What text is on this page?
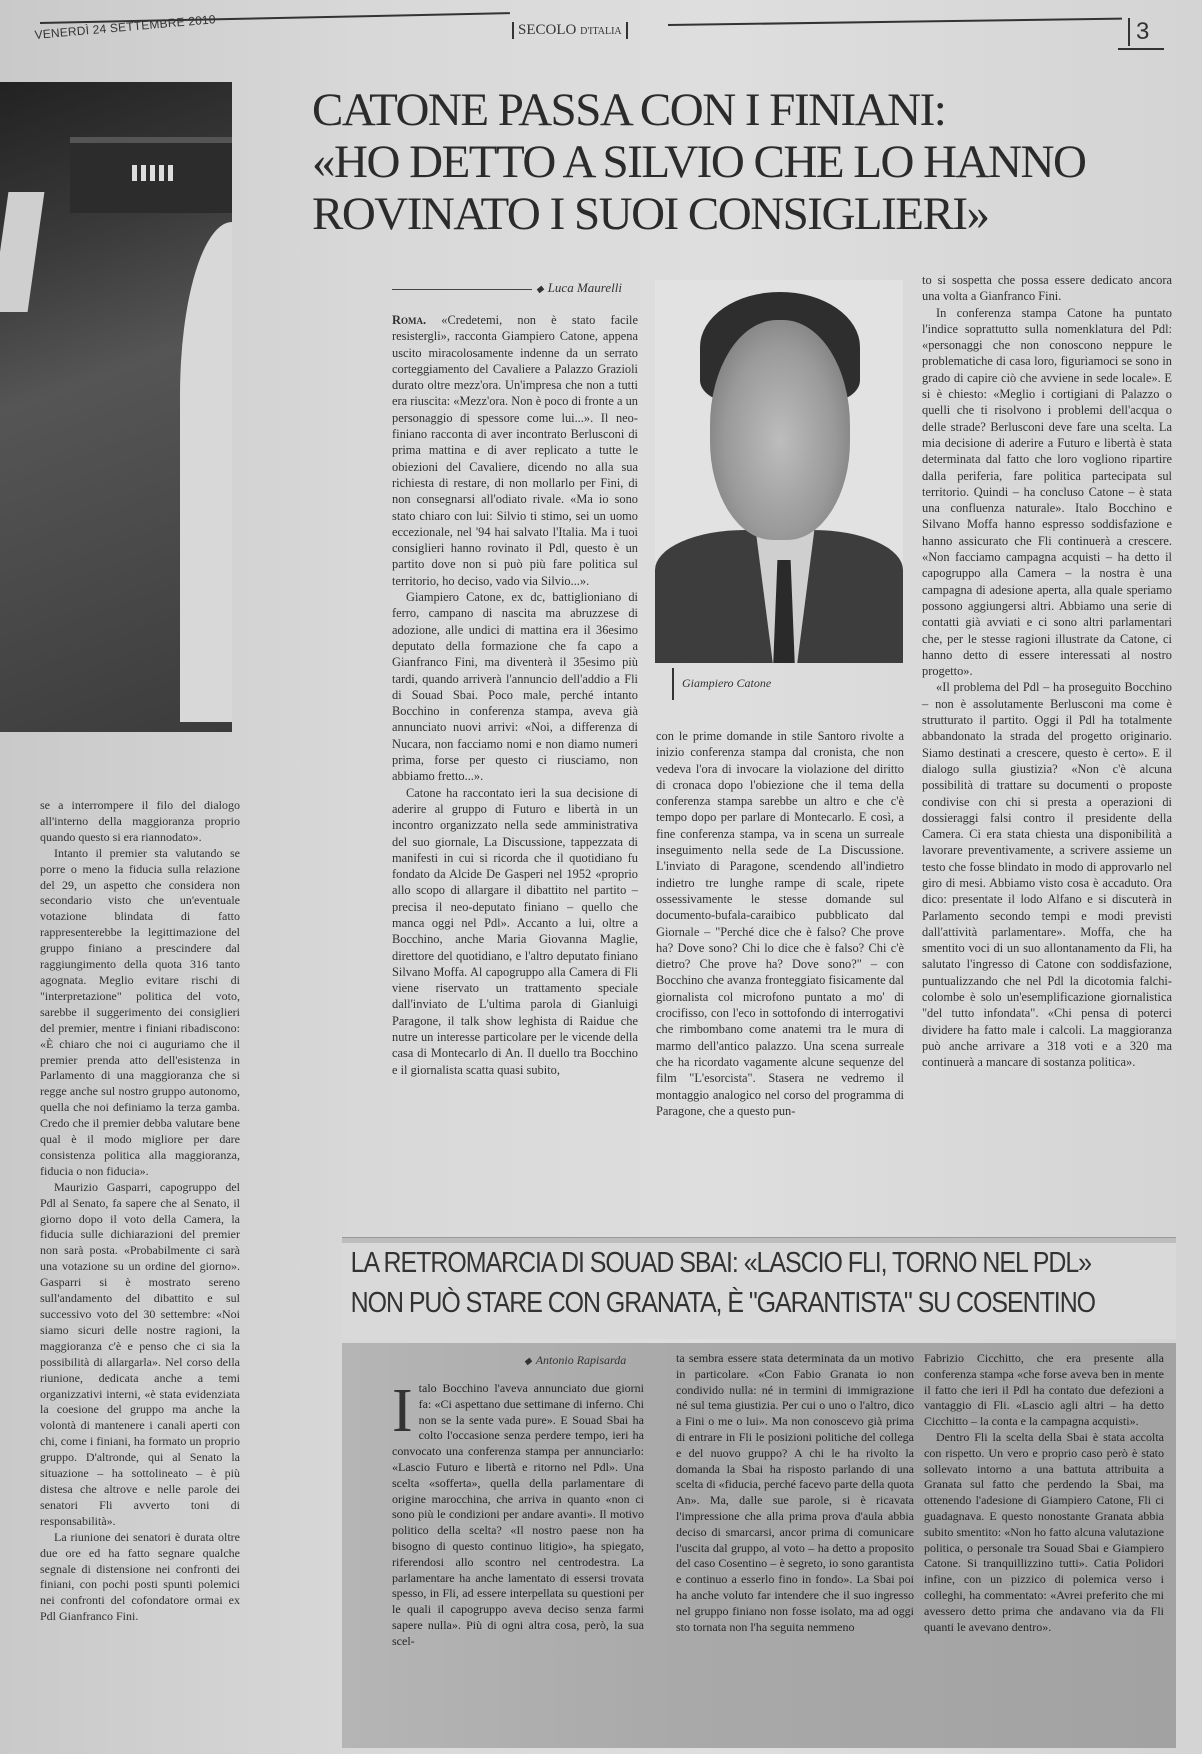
VENERDÌ 24 SETTEMBRE 2010	SECOLO D'ITALIA	3
CATONE PASSA CON I FINIANI:
«HO DETTO A SILVIO CHE LO HANNO
ROVINATO I SUOI CONSIGLIERI»
◆ Luca Maurelli

Roma. «Credetemi, non è stato facile resistergli», racconta Giampiero Catone, appena uscito miracolosamente indenne da un serrato corteggiamento del Cavaliere a Palazzo Grazioli durato oltre mezz'ora. Un'impresa che non a tutti era riuscita: «Mezz'ora. Non è poco di fronte a un personaggio di spessore come lui...». Il neo-finiano racconta di aver incontrato Berlusconi di prima mattina e di aver replicato a tutte le obiezioni del Cavaliere, dicendo no alla sua richiesta di restare, di non mollarlo per Fini, di non consegnarsi all'odiato rivale. «Ma io sono stato chiaro con lui: Silvio ti stimo, sei un uomo eccezionale, nel '94 hai salvato l'Italia. Ma i tuoi consiglieri hanno rovinato il Pdl, questo è un partito dove non si può più fare politica sul territorio, ho deciso, vado via Silvio...».

Giampiero Catone, ex dc, battiglioniano di ferro, campano di nascita ma abruzzese di adozione, alle undici di mattina era il 36esimo deputato della formazione che fa capo a Gianfranco Fini, ma diventerà il 35esimo più tardi, quando arriverà l'annuncio dell'addio a Fli di Souad Sbai. Poco male, perché intanto Bocchino in conferenza stampa, aveva già annunciato nuovi arrivi: «Noi, a differenza di Nucara, non facciamo nomi e non diamo numeri prima, forse per questo ci riusciamo, non abbiamo fretto...».

Catone ha raccontato ieri la sua decisione di aderire al gruppo di Futuro e libertà in un incontro organizzato nella sede amministrativa del suo giornale, La Discussione, tappezzata di manifesti in cui si ricorda che il quotidiano fu fondato da Alcide De Gasperi nel 1952 «proprio allo scopo di allargare il dibattito nel partito – precisa il neo-deputato finiano – quello che manca oggi nel Pdl». Accanto a lui, oltre a Bocchino, anche Maria Giovanna Maglie, direttore del quotidiano, e l'altro deputato finiano Silvano Moffa. Al capogruppo alla Camera di Fli viene riservato un trattamento speciale dall'inviato de L'ultima parola di Gianluigi Paragone, il talk show leghista di Raidue che nutre un interesse particolare per le vicende della casa di Montecarlo di An. Il duello tra Bocchino e il giornalista scatta quasi subito,

Giampiero Catone

con le prime domande in stile Santoro rivolte a inizio conferenza stampa dal cronista, che non vedeva l'ora di invocare la violazione del diritto di cronaca dopo l'obiezione che il tema della conferenza stampa sarebbe un altro e che c'è tempo dopo per parlare di Montecarlo. E così, a fine conferenza stampa, va in scena un surreale inseguimento nella sede de La Discussione. L'inviato di Paragone, scendendo all'indietro indietro tre lunghe rampe di scale, ripete ossessivamente le stesse domande sul documento-bufala-caraibico pubblicato dal Giornale – "Perché dice che è falso? Che prove ha? Dove sono? Chi lo dice che è falso? Chi c'è dietro? Che prove ha? Dove sono?" – con Bocchino che avanza fronteggiato fisicamente dal giornalista col microfono puntato a mo' di crocifisso, con l'eco in sottofondo di interrogativi che rimbombano come anatemi tra le mura di marmo dell'antico palazzo. Una scena surreale che ha ricordato vagamente alcune sequenze del film "L'esorcista". Stasera ne vedremo il montaggio analogico nel corso del programma di Paragone, che a questo pun-

to si sospetta che possa essere dedicato ancora una volta a Gianfranco Fini.

In conferenza stampa Catone ha puntato l'indice soprattutto sulla nomenklatura del Pdl: «personaggi che non conoscono neppure le problematiche di casa loro, figuriamoci se sono in grado di capire ciò che avviene in sede locale». E si è chiesto: «Meglio i cortigiani di Palazzo o quelli che ti risolvono i problemi dell'acqua o delle strade? Berlusconi deve fare una scelta. La mia decisione di aderire a Futuro e libertà è stata determinata dal fatto che loro vogliono ripartire dalla periferia, fare politica partecipata sul territorio. Quindi – ha concluso Catone – è stata una confluenza naturale». Italo Bocchino e Silvano Moffa hanno espresso soddisfazione e hanno assicurato che Fli continuerà a crescere. «Non facciamo campagna acquisti – ha detto il capogruppo alla Camera – la nostra è una campagna di adesione aperta, alla quale speriamo possono aggiungersi altri. Abbiamo una serie di contatti già avviati e ci sono altri parlamentari che, per le stesse ragioni illustrate da Catone, ci hanno detto di essere interessati al nostro progetto».

«Il problema del Pdl – ha proseguito Bocchino – non è assolutamente Berlusconi ma come è strutturato il partito. Oggi il Pdl ha totalmente abbandonato la strada del progetto originario. Siamo destinati a crescere, questo è certo». E il dialogo sulla giustizia? «Non c'è alcuna possibilità di trattare su documenti o proposte condivise con chi si presta a operazioni di dossieraggi falsi contro il presidente della Camera. Ci era stata chiesta una disponibilità a lavorare preventivamente, a scrivere assieme un testo che fosse blindato in modo di approvarlo nel giro di mesi. Abbiamo visto cosa è accaduto. Ora dico: presentate il lodo Alfano e si discuterà in Parlamento secondo tempi e modi previsti dall'attività parlamentare». Moffa, che ha smentito voci di un suo allontanamento da Fli, ha salutato l'ingresso di Catone con soddisfazione, puntualizzando che nel Pdl la dicotomia falchi-colombe è solo un'esemplificazione giornalistica "del tutto infondata". «Chi pensa di poterci dividere ha fatto male i calcoli. La maggioranza può anche arrivare a 318 voti e a 320 ma continuerà a mancare di sostanza politica».

se a interrompere il filo del dialogo all'interno della maggioranza proprio quando questo si era riannodato».

Intanto il premier sta valutando se porre o meno la fiducia sulla relazione del 29, un aspetto che considera non secondario visto che un'eventuale votazione blindata di fatto rappresenterebbe la legittimazione del gruppo finiano a prescindere dal raggiungimento della quota 316 tanto agognata. Meglio evitare rischi di "interpretazione" politica del voto, sarebbe il suggerimento dei consiglieri del premier, mentre i finiani ribadiscono: «È chiaro che noi ci auguriamo che il premier prenda atto dell'esistenza in Parlamento di una maggioranza che si regge anche sul nostro gruppo autonomo, quella che noi definiamo la terza gamba. Credo che il premier debba valutare bene qual è il modo migliore per dare consistenza politica alla maggioranza, fiducia o non fiducia».

Maurizio Gasparri, capogruppo del Pdl al Senato, fa sapere che al Senato, il giorno dopo il voto della Camera, la fiducia sulle dichiarazioni del premier non sarà posta. «Probabilmente ci sarà una votazione su un ordine del giorno». Gasparri si è mostrato sereno sull'andamento del dibattito e sul successivo voto del 30 settembre: «Noi siamo sicuri delle nostre ragioni, la maggioranza c'è e penso che ci sia la possibilità di allargarla». Nel corso della riunione, dedicata anche a temi organizzativi interni, «è stata evidenziata la coesione del gruppo ma anche la volontà di mantenere i canali aperti con chi, come i finiani, ha formato un proprio gruppo. D'altronde, qui al Senato la situazione – ha sottolineato – è più distesa che altrove e nelle parole dei senatori Fli avverto toni di responsabilità».

La riunione dei senatori è durata oltre due ore ed ha fatto segnare qualche segnale di distensione nei confronti dei finiani, con pochi posti spunti polemici nei confronti del cofondatore ormai ex Pdl Gianfranco Fini.

LA RETROMARCIA DI SOUAD SBAI: «LASCIO FLI, TORNO NEL PDL»
NON PUÒ STARE CON GRANATA, È "GARANTISTA" SU COSENTINO
◆ Antonio Rapisarda

Italo Bocchino l'aveva annunciato due giorni fa: «Ci aspettano due settimane di inferno. Chi non se la sente vada pure». E Souad Sbai ha colto l'occasione senza perdere tempo, ieri ha convocato una conferenza stampa per annunciarlo: «Lascio Futuro e libertà e ritorno nel Pdl». Una scelta «sofferta», quella della parlamentare di origine marocchina, che arriva in quanto «non ci sono più le condizioni per andare avanti». Il motivo politico della scelta? «Il nostro paese non ha bisogno di questo continuo litigio», ha spiegato, riferendosi allo scontro nel centrodestra. La parlamentare ha anche lamentato di essersi trovata spesso, in Fli, ad essere interpellata su questioni per le quali il capogruppo aveva deciso senza farmi sapere nulla». Più di ogni altra cosa, però, la sua scel-

ta sembra essere stata determinata da un motivo in particolare. «Con Fabio Granata io non condivido nulla: né in termini di immigrazione né sul tema giustizia. Per cui o uno o l'altro, dico a Fini o me o lui». Ma non conoscevo già prima di entrare in Fli le posizioni politiche del collega e del nuovo gruppo? A chi le ha rivolto la domanda la Sbai ha risposto parlando di una scelta di «fiducia, perché facevo parte della quota An». Ma, dalle sue parole, si è ricavata l'impressione che alla prima prova d'aula abbia deciso di smarcarsi, ancor prima di comunicare l'uscita dal gruppo, al voto – ha detto a proposito del caso Cosentino – è segreto, io sono garantista e continuo a esserlo fino in fondo». La Sbai poi ha anche voluto far intendere che il suo ingresso nel gruppo finiano non fosse isolato, ma ad oggi sto tornata non l'ha seguita nemmeno

Fabrizio Cicchitto, che era presente alla conferenza stampa «che forse aveva ben in mente il fatto che ieri il Pdl ha contato due defezioni a vantaggio di Fli. «Lascio agli altri – ha detto Cicchitto – la conta e la campagna acquisti».

Dentro Fli la scelta della Sbai è stata accolta con rispetto. Un vero e proprio caso però è stato sollevato intorno a una battuta attribuita a Granata sul fatto che perdendo la Sbai, ma ottenendo l'adesione di Giampiero Catone, Fli ci guadagnava. E questo nonostante Granata abbia subito smentito: «Non ho fatto alcuna valutazione politica, o personale tra Souad Sbai e Giampiero Catone. Si tranquillizzino tutti». Catia Polidori infine, con un pizzico di polemica verso i colleghi, ha commentato: «Avrei preferito che mi avessero detto prima che andavano via da Fli quanti le avevano dentro».
